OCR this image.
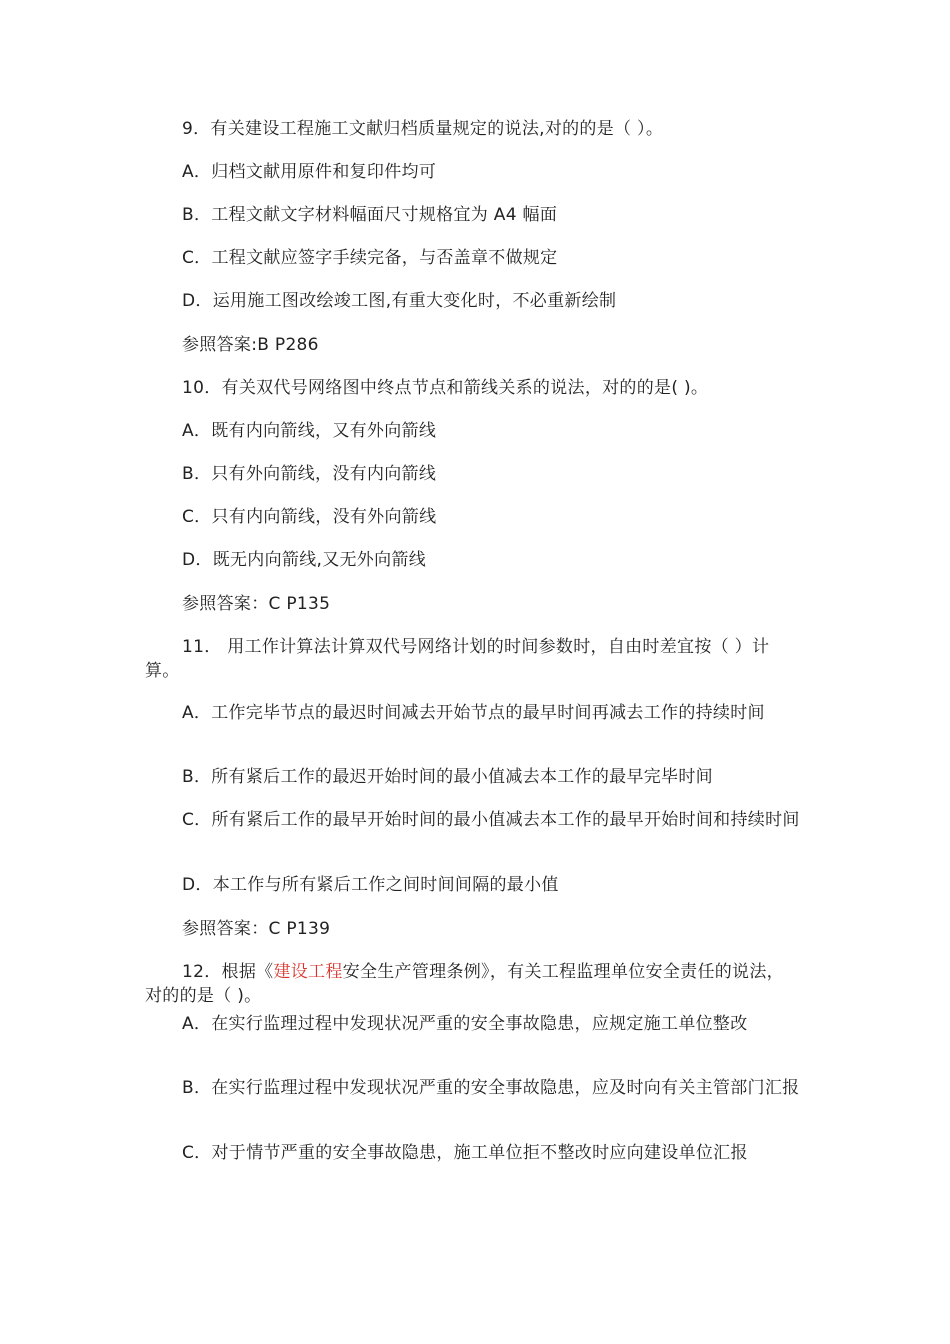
9．有关建设工程施工文献归档质量规定的说法,对的的是（ ）。
A．归档文献用原件和复印件均可
B．工程文献文字材料幅面尺寸规格宜为 A4 幅面
C．工程文献应签字手续完备，与否盖章不做规定
D．运用施工图改绘竣工图,有重大变化时，不必重新绘制
参照答案:B P286
10．有关双代号网络图中终点节点和箭线关系的说法，对的的是( )。
A．既有内向箭线，又有外向箭线
B．只有外向箭线，没有内向箭线
C．只有内向箭线，没有外向箭线
D．既无内向箭线,又无外向箭线
参照答案：C P135
11． 用工作计算法计算双代号网络计划的时间参数时，自由时差宜按（ ）计算。
A．工作完毕节点的最迟时间减去开始节点的最早时间再减去工作的持续时间
B．所有紧后工作的最迟开始时间的最小值减去本工作的最早完毕时间
C．所有紧后工作的最早开始时间的最小值减去本工作的最早开始时间和持续时间
D．本工作与所有紧后工作之间时间间隔的最小值
参照答案：C P139
12．根据《建设工程安全生产管理条例》，有关工程监理单位安全责任的说法，对的的是（ )。
A．在实行监理过程中发现状况严重的安全事故隐患，应规定施工单位整改
B．在实行监理过程中发现状况严重的安全事故隐患，应及时向有关主管部门汇报
C．对于情节严重的安全事故隐患，施工单位拒不整改时应向建设单位汇报
